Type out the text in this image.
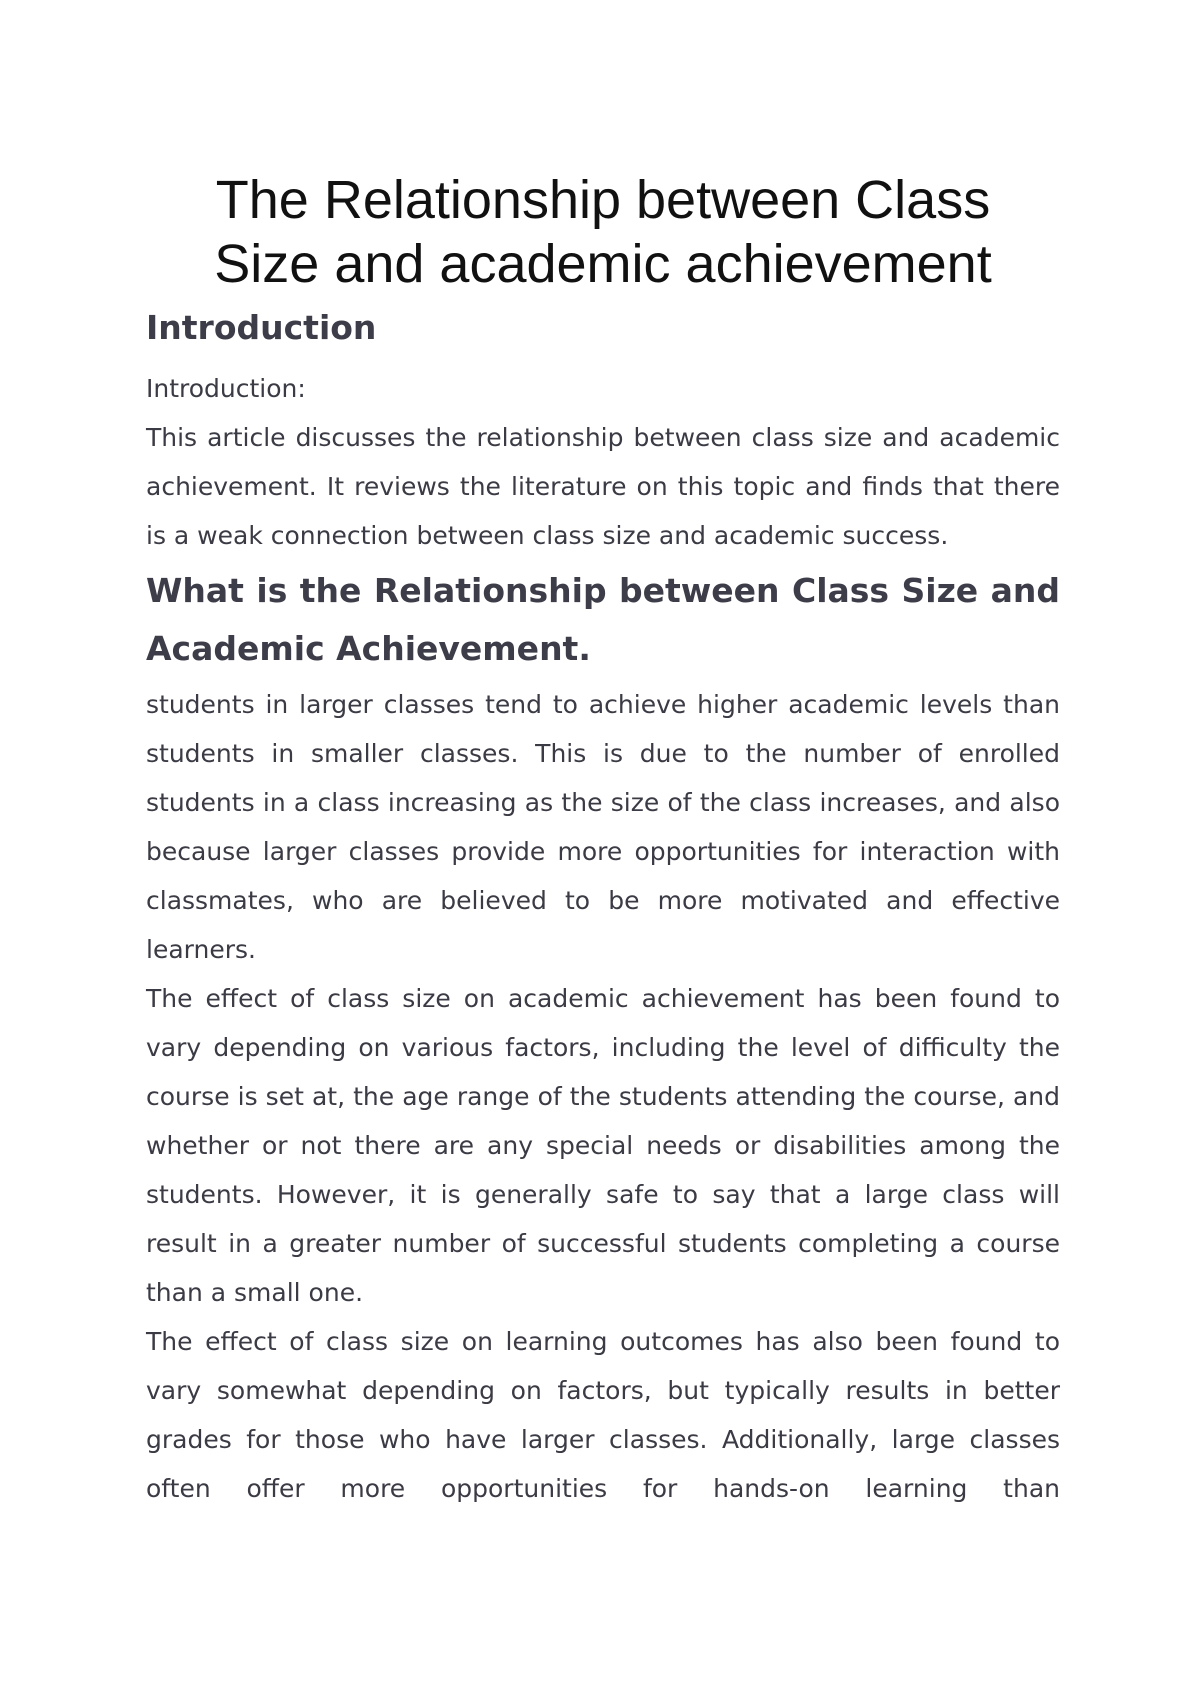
The Relationship between Class
Size and academic achievement
Introduction

Introduction:

This article discusses the relationship between class size and academic achievement. It reviews the literature on this topic and finds that there is a weak connection between class size and academic success.

What is the Relationship between Class Size and Academic Achievement.

students in larger classes tend to achieve higher academic levels than students in smaller classes. This is due to the number of enrolled students in a class increasing as the size of the class increases, and also because larger classes provide more opportunities for interaction with classmates, who are believed to be more motivated and effective learners.

The effect of class size on academic achievement has been found to vary depending on various factors, including the level of difficulty the course is set at, the age range of the students attending the course, and whether or not there are any special needs or disabilities among the students. However, it is generally safe to say that a large class will result in a greater number of successful students completing a course than a small one.

The effect of class size on learning outcomes has also been found to vary somewhat depending on factors, but typically results in better grades for those who have larger classes. Additionally, large classes often offer more opportunities for hands-on learning than
